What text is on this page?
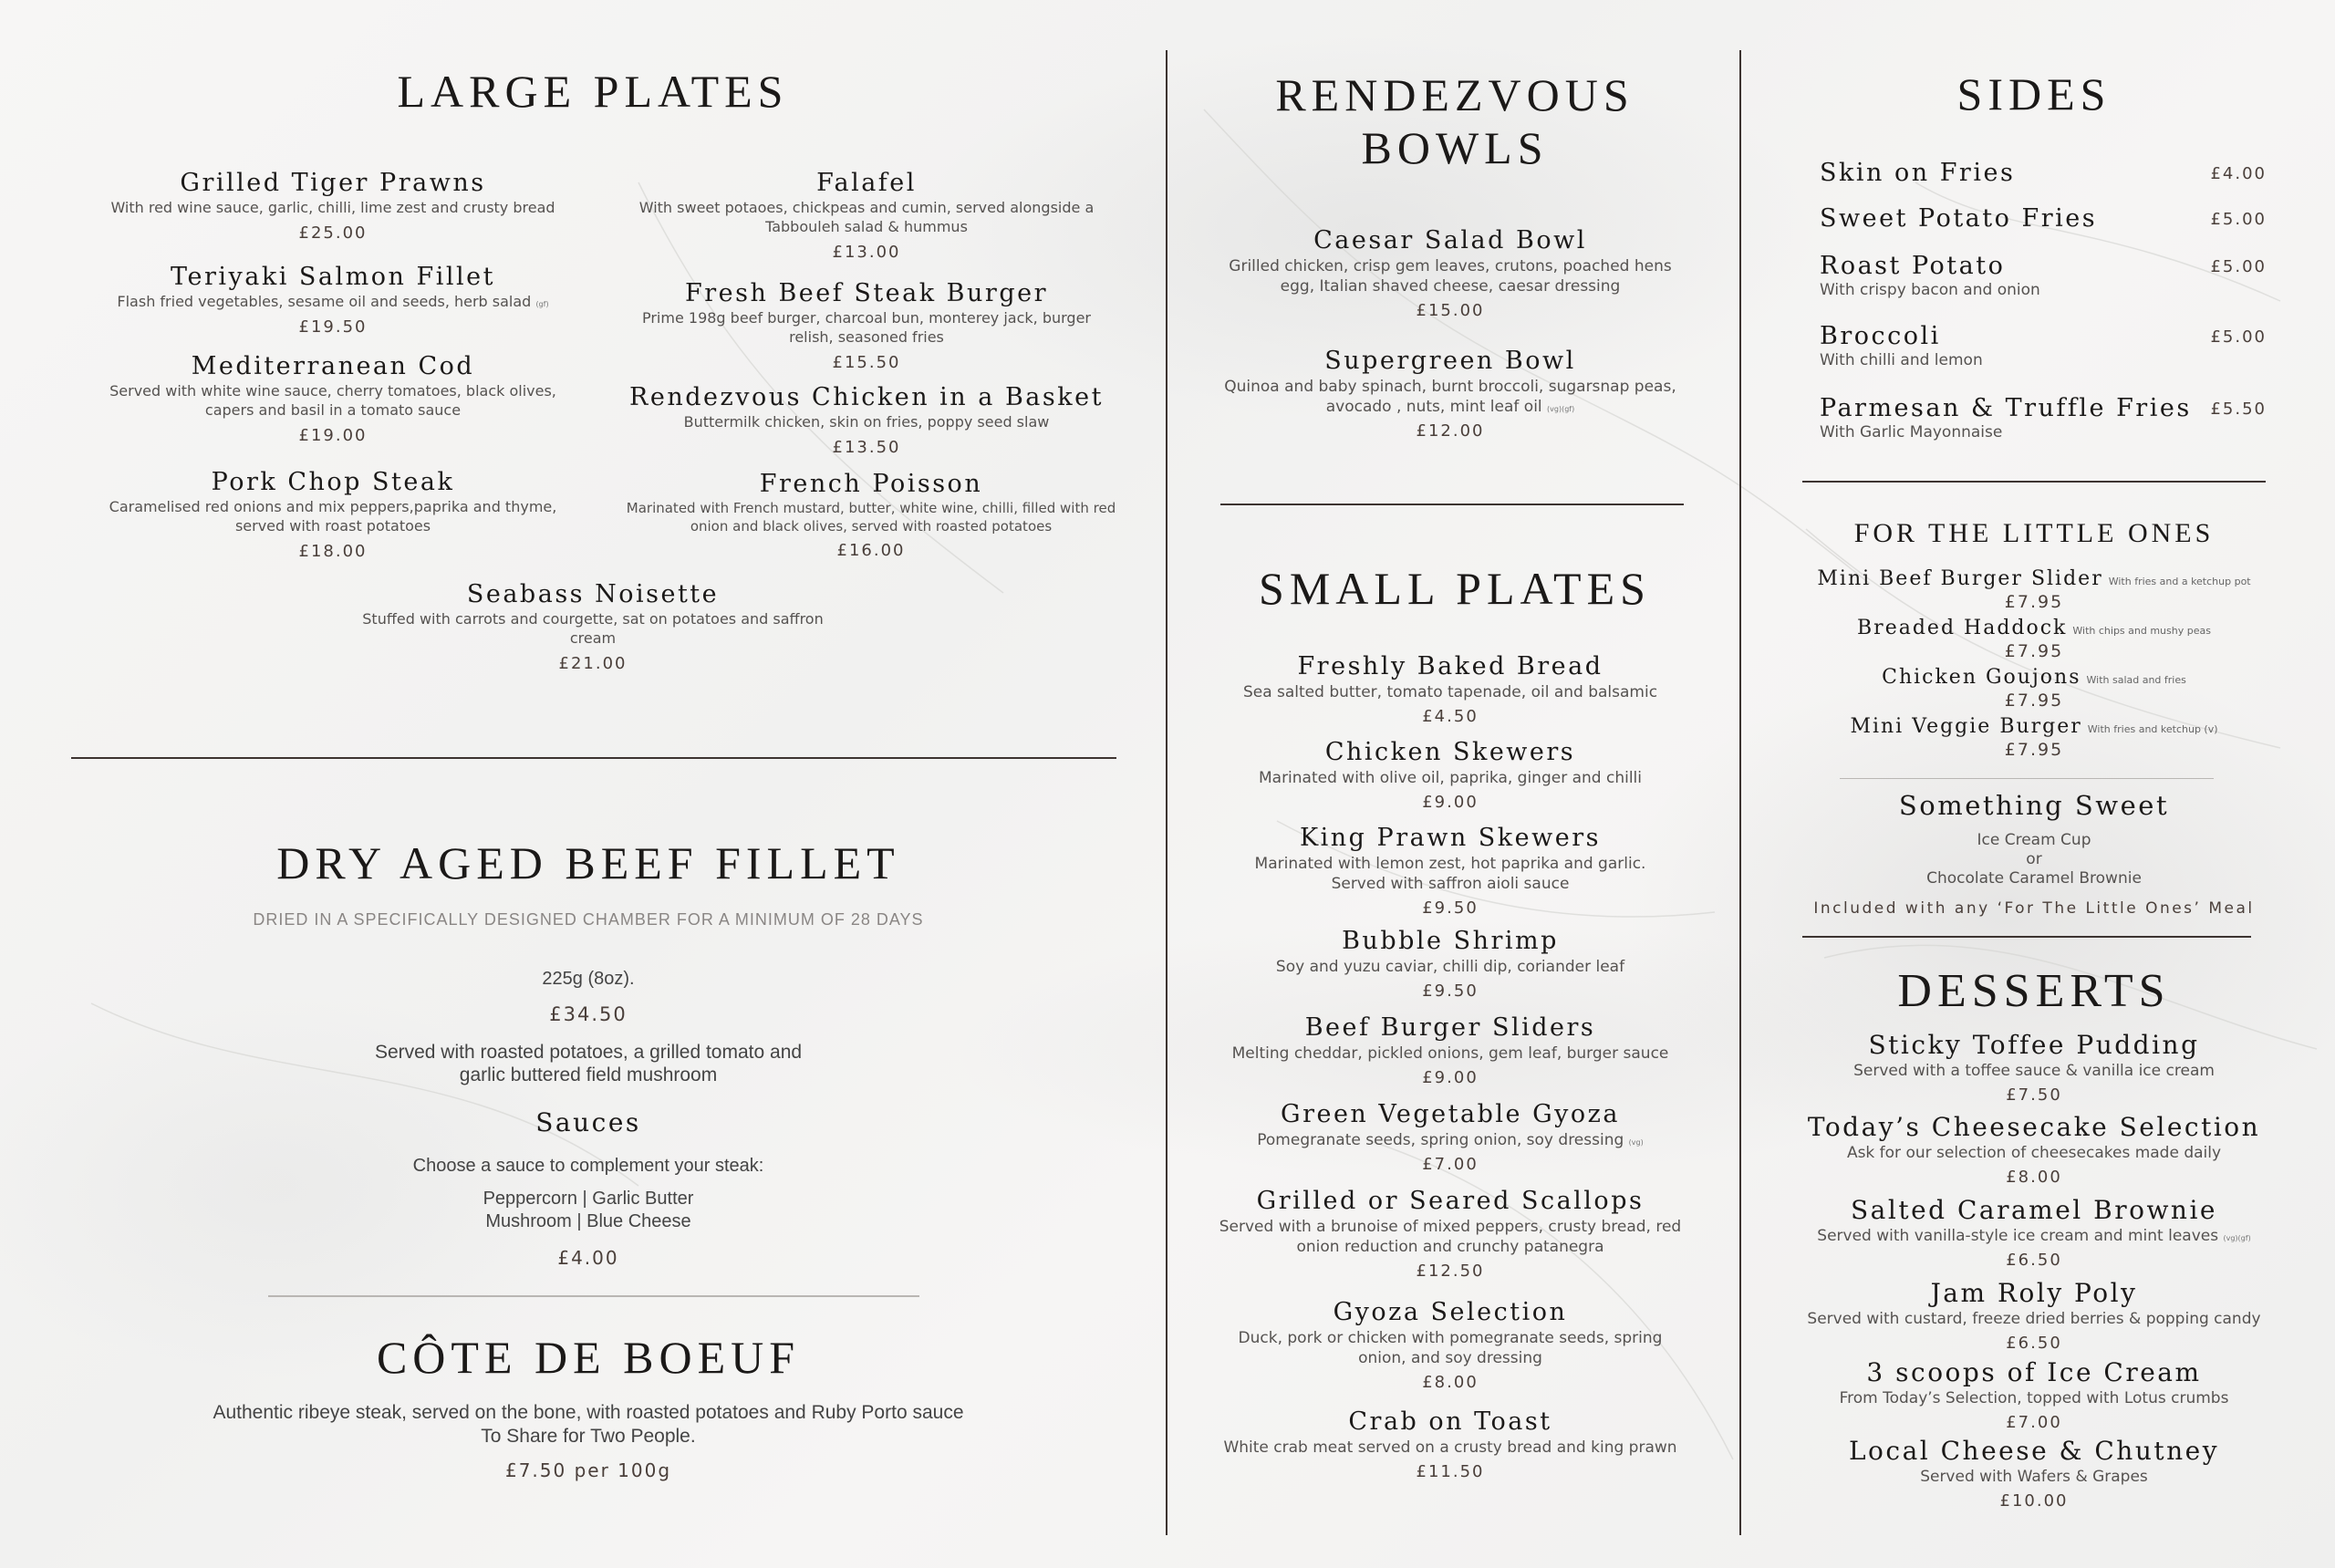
LARGE PLATES
Grilled Tiger Prawns
With red wine sauce, garlic, chilli, lime zest and crusty bread
£25.00
Falafel
With sweet potaoes, chickpeas and cumin, served alongside a Tabbouleh salad & hummus
£13.00
Teriyaki Salmon Fillet
Flash fried vegetables, sesame oil and seeds, herb salad (gf)
£19.50
Fresh Beef Steak Burger
Prime 198g beef burger, charcoal bun, monterey jack, burger relish, seasoned fries
£15.50
Mediterranean Cod
Served with white wine sauce, cherry tomatoes, black olives, capers and basil in a tomato sauce
£19.00
Rendezvous Chicken in a Basket
Buttermilk chicken, skin on fries, poppy seed slaw
£13.50
Pork Chop Steak
Caramelised red onions and mix peppers,paprika and thyme, served with roast potatoes
£18.00
French Poisson
Marinated with French mustard, butter, white wine, chilli, filled with red onion and black olives, served with roasted potatoes
£16.00
Seabass Noisette
Stuffed with carrots and courgette, sat on potatoes and saffron cream
£21.00
DRY AGED BEEF FILLET
DRIED IN A SPECIFICALLY DESIGNED CHAMBER FOR A MINIMUM OF 28 DAYS
225g (8oz).
£34.50
Served with roasted potatoes, a grilled tomato and
garlic buttered field mushroom
Sauces
Choose a sauce to complement your steak:
Peppercorn | Garlic Butter
Mushroom | Blue Cheese
£4.00
CÔTE DE BOEUF
Authentic ribeye steak, served on the bone, with roasted potatoes and Ruby Porto sauce
To Share for Two People.
£7.50 per 100g
RENDEZVOUS
BOWLS
Caesar Salad Bowl
Grilled chicken, crisp gem leaves, crutons, poached hens egg, Italian shaved cheese, caesar dressing
£15.00
Supergreen Bowl
Quinoa and baby spinach, burnt broccoli, sugarsnap peas, avocado , nuts, mint leaf oil (vg)(gf)
£12.00
SMALL PLATES
Freshly Baked Bread
Sea salted butter, tomato tapenade, oil and balsamic
£4.50
Chicken Skewers
Marinated with olive oil, paprika, ginger and chilli
£9.00
King Prawn Skewers
Marinated with lemon zest, hot paprika and garlic. Served with saffron aioli sauce
£9.50
Bubble Shrimp
Soy and yuzu caviar, chilli dip, coriander leaf
£9.50
Beef Burger Sliders
Melting cheddar, pickled onions, gem leaf, burger sauce
£9.00
Green Vegetable Gyoza
Pomegranate seeds, spring onion, soy dressing (vg)
£7.00
Grilled or Seared Scallops
Served with a brunoise of mixed peppers, crusty bread, red onion reduction and crunchy patanegra
£12.50
Gyoza Selection
Duck, pork or chicken with pomegranate seeds, spring onion, and soy dressing
£8.00
Crab on Toast
White crab meat served on a crusty bread and king prawn
£11.50
SIDES
Skin on Fries	£4.00
Sweet Potato Fries	£5.00
Roast Potato
With crispy bacon and onion
£5.00
Broccoli
With chilli and lemon
£5.00
Parmesan & Truffle Fries
With Garlic Mayonnaise
£5.50
FOR THE LITTLE ONES
Mini Beef Burger Slider With fries and a ketchup pot
£7.95
Breaded Haddock With chips and mushy peas
£7.95
Chicken Goujons With salad and fries
£7.95
Mini Veggie Burger With fries and ketchup (v)
£7.95
Something Sweet
Ice Cream Cup
or
Chocolate Caramel Brownie
Included with any ‘For The Little Ones’ Meal
DESSERTS
Sticky Toffee Pudding
Served with a toffee sauce & vanilla ice cream
£7.50
Today’s Cheesecake Selection
Ask for our selection of cheesecakes made daily
£8.00
Salted Caramel Brownie
Served with vanilla-style ice cream and mint leaves (vg)(gf)
£6.50
Jam Roly Poly
Served with custard, freeze dried berries & popping candy
£6.50
3 scoops of Ice Cream
From Today’s Selection, topped with Lotus crumbs
£7.00
Local Cheese & Chutney
Served with Wafers & Grapes
£10.00
